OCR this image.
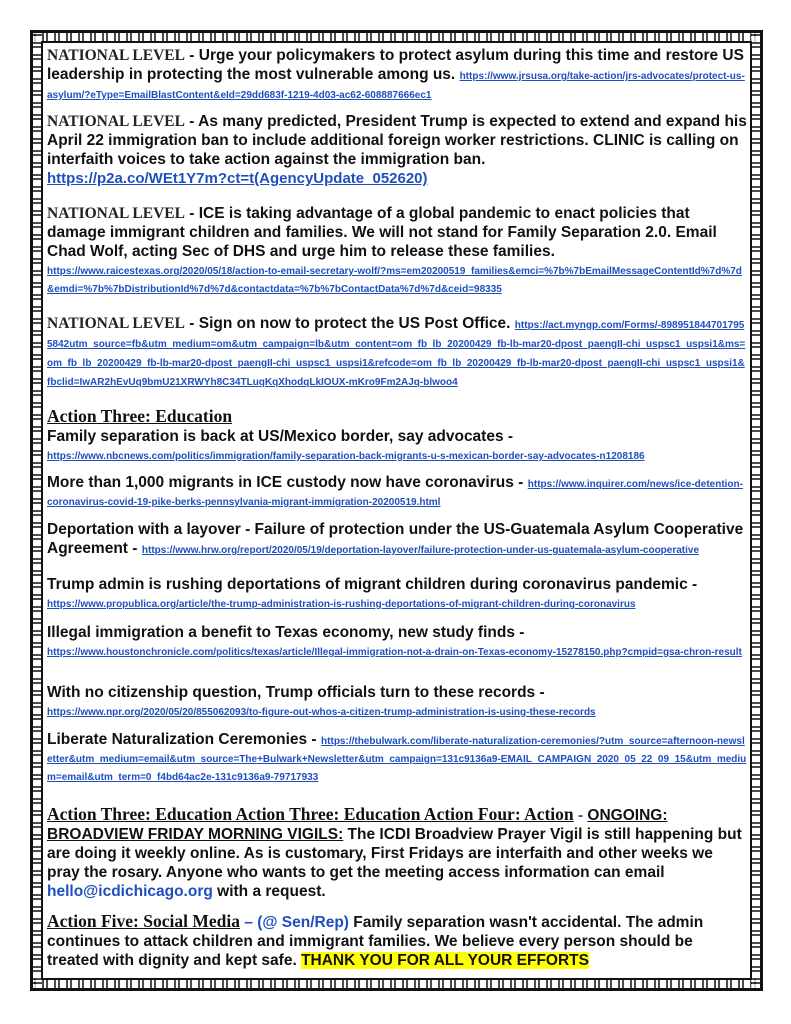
NATIONAL LEVEL - Urge your policymakers to protect asylum during this time and restore US leadership in protecting the most vulnerable among us. https://www.jrsusa.org/take-action/jrs-advocates/protect-us-asylum/?eType=EmailBlastContent&eId=29dd683f-1219-4d03-ac62-608887666ec1
NATIONAL LEVEL - As many predicted, President Trump is expected to extend and expand his April 22 immigration ban to include additional foreign worker restrictions. CLINIC is calling on interfaith voices to take action against the immigration ban.
https://p2a.co/WEt1Y7m?ct=t(AgencyUpdate_052620)
NATIONAL LEVEL - ICE is taking advantage of a global pandemic to enact policies that damage immigrant children and families. We will not stand for Family Separation 2.0. Email Chad Wolf, acting Sec of DHS and urge him to release these families.
https://www.raicestexas.org/2020/05/18/action-to-email-secretary-wolf/?ms=em20200519_families&emci=%7b%7bEmailMessageContentId%7d%7d&emdi=%7b%7bDistributionId%7d%7d&contactdata=%7b%7bContactData%7d%7d&ceid=98335
NATIONAL LEVEL - Sign on now to protect the US Post Office. https://act.myngp.com/Forms/-8989518447017955842utm_source=fb&utm_medium=om&utm_campaign=lb&utm_content=om_fb_lb_20200429_fb-lb-mar20-dpost_paengII-chi_uspsc1_uspsi1&ms=om_fb_lb_20200429_fb-lb-mar20-dpost_paengII-chi_uspsc1_uspsi1&refcode=om_fb_lb_20200429_fb-lb-mar20-dpost_paengII-chi_uspsc1_uspsi1&fbclid=IwAR2hEvUq9bmU21XRWYh8C34TLuqKqXhodqLkIOUX-mKro9Fm2AJq-blwoo4
Action Three: Education
Family separation is back at US/Mexico border, say advocates -
https://www.nbcnews.com/politics/immigration/family-separation-back-migrants-u-s-mexican-border-say-advocates-n1208186
More than 1,000 migrants in ICE custody now have coronavirus - https://www.inquirer.com/news/ice-detention-coronavirus-covid-19-pike-berks-pennsylvania-migrant-immigration-20200519.html
Deportation with a layover - Failure of protection under the US-Guatemala Asylum Cooperative Agreement - https://www.hrw.org/report/2020/05/19/deportation-layover/failure-protection-under-us-guatemala-asylum-cooperative
Trump admin is rushing deportations of migrant children during coronavirus pandemic -
https://www.propublica.org/article/the-trump-administration-is-rushing-deportations-of-migrant-children-during-coronavirus
Illegal immigration a benefit to Texas economy, new study finds -
https://www.houstonchronicle.com/politics/texas/article/Illegal-immigration-not-a-drain-on-Texas-economy-15278150.php?cmpid=gsa-chron-result
With no citizenship question, Trump officials turn to these records -
https://www.npr.org/2020/05/20/855062093/to-figure-out-whos-a-citizen-trump-administration-is-using-these-records
Liberate Naturalization Ceremonies - https://thebulwark.com/liberate-naturalization-ceremonies/?utm_source=afternoon-newsletter&utm_medium=email&utm_source=The+Bulwark+Newsletter&utm_campaign=131c9136a9-EMAIL_CAMPAIGN_2020_05_22_09_15&utm_medium=email&utm_term=0_f4bd64ac2e-131c9136a9-79717933
Action Three: Education Action Three: Education Action Four: Action - ONGOING: BROADVIEW FRIDAY MORNING VIGILS: The ICDI Broadview Prayer Vigil is still happening but are doing it weekly online. As is customary, First Fridays are interfaith and other weeks we pray the rosary. Anyone who wants to get the meeting access information can email hello@icdichicago.org with a request.
Action Five: Social Media – (@ Sen/Rep) Family separation wasn't accidental. The admin continues to attack children and immigrant families. We believe every person should be treated with dignity and kept safe. THANK YOU FOR ALL YOUR EFFORTS
